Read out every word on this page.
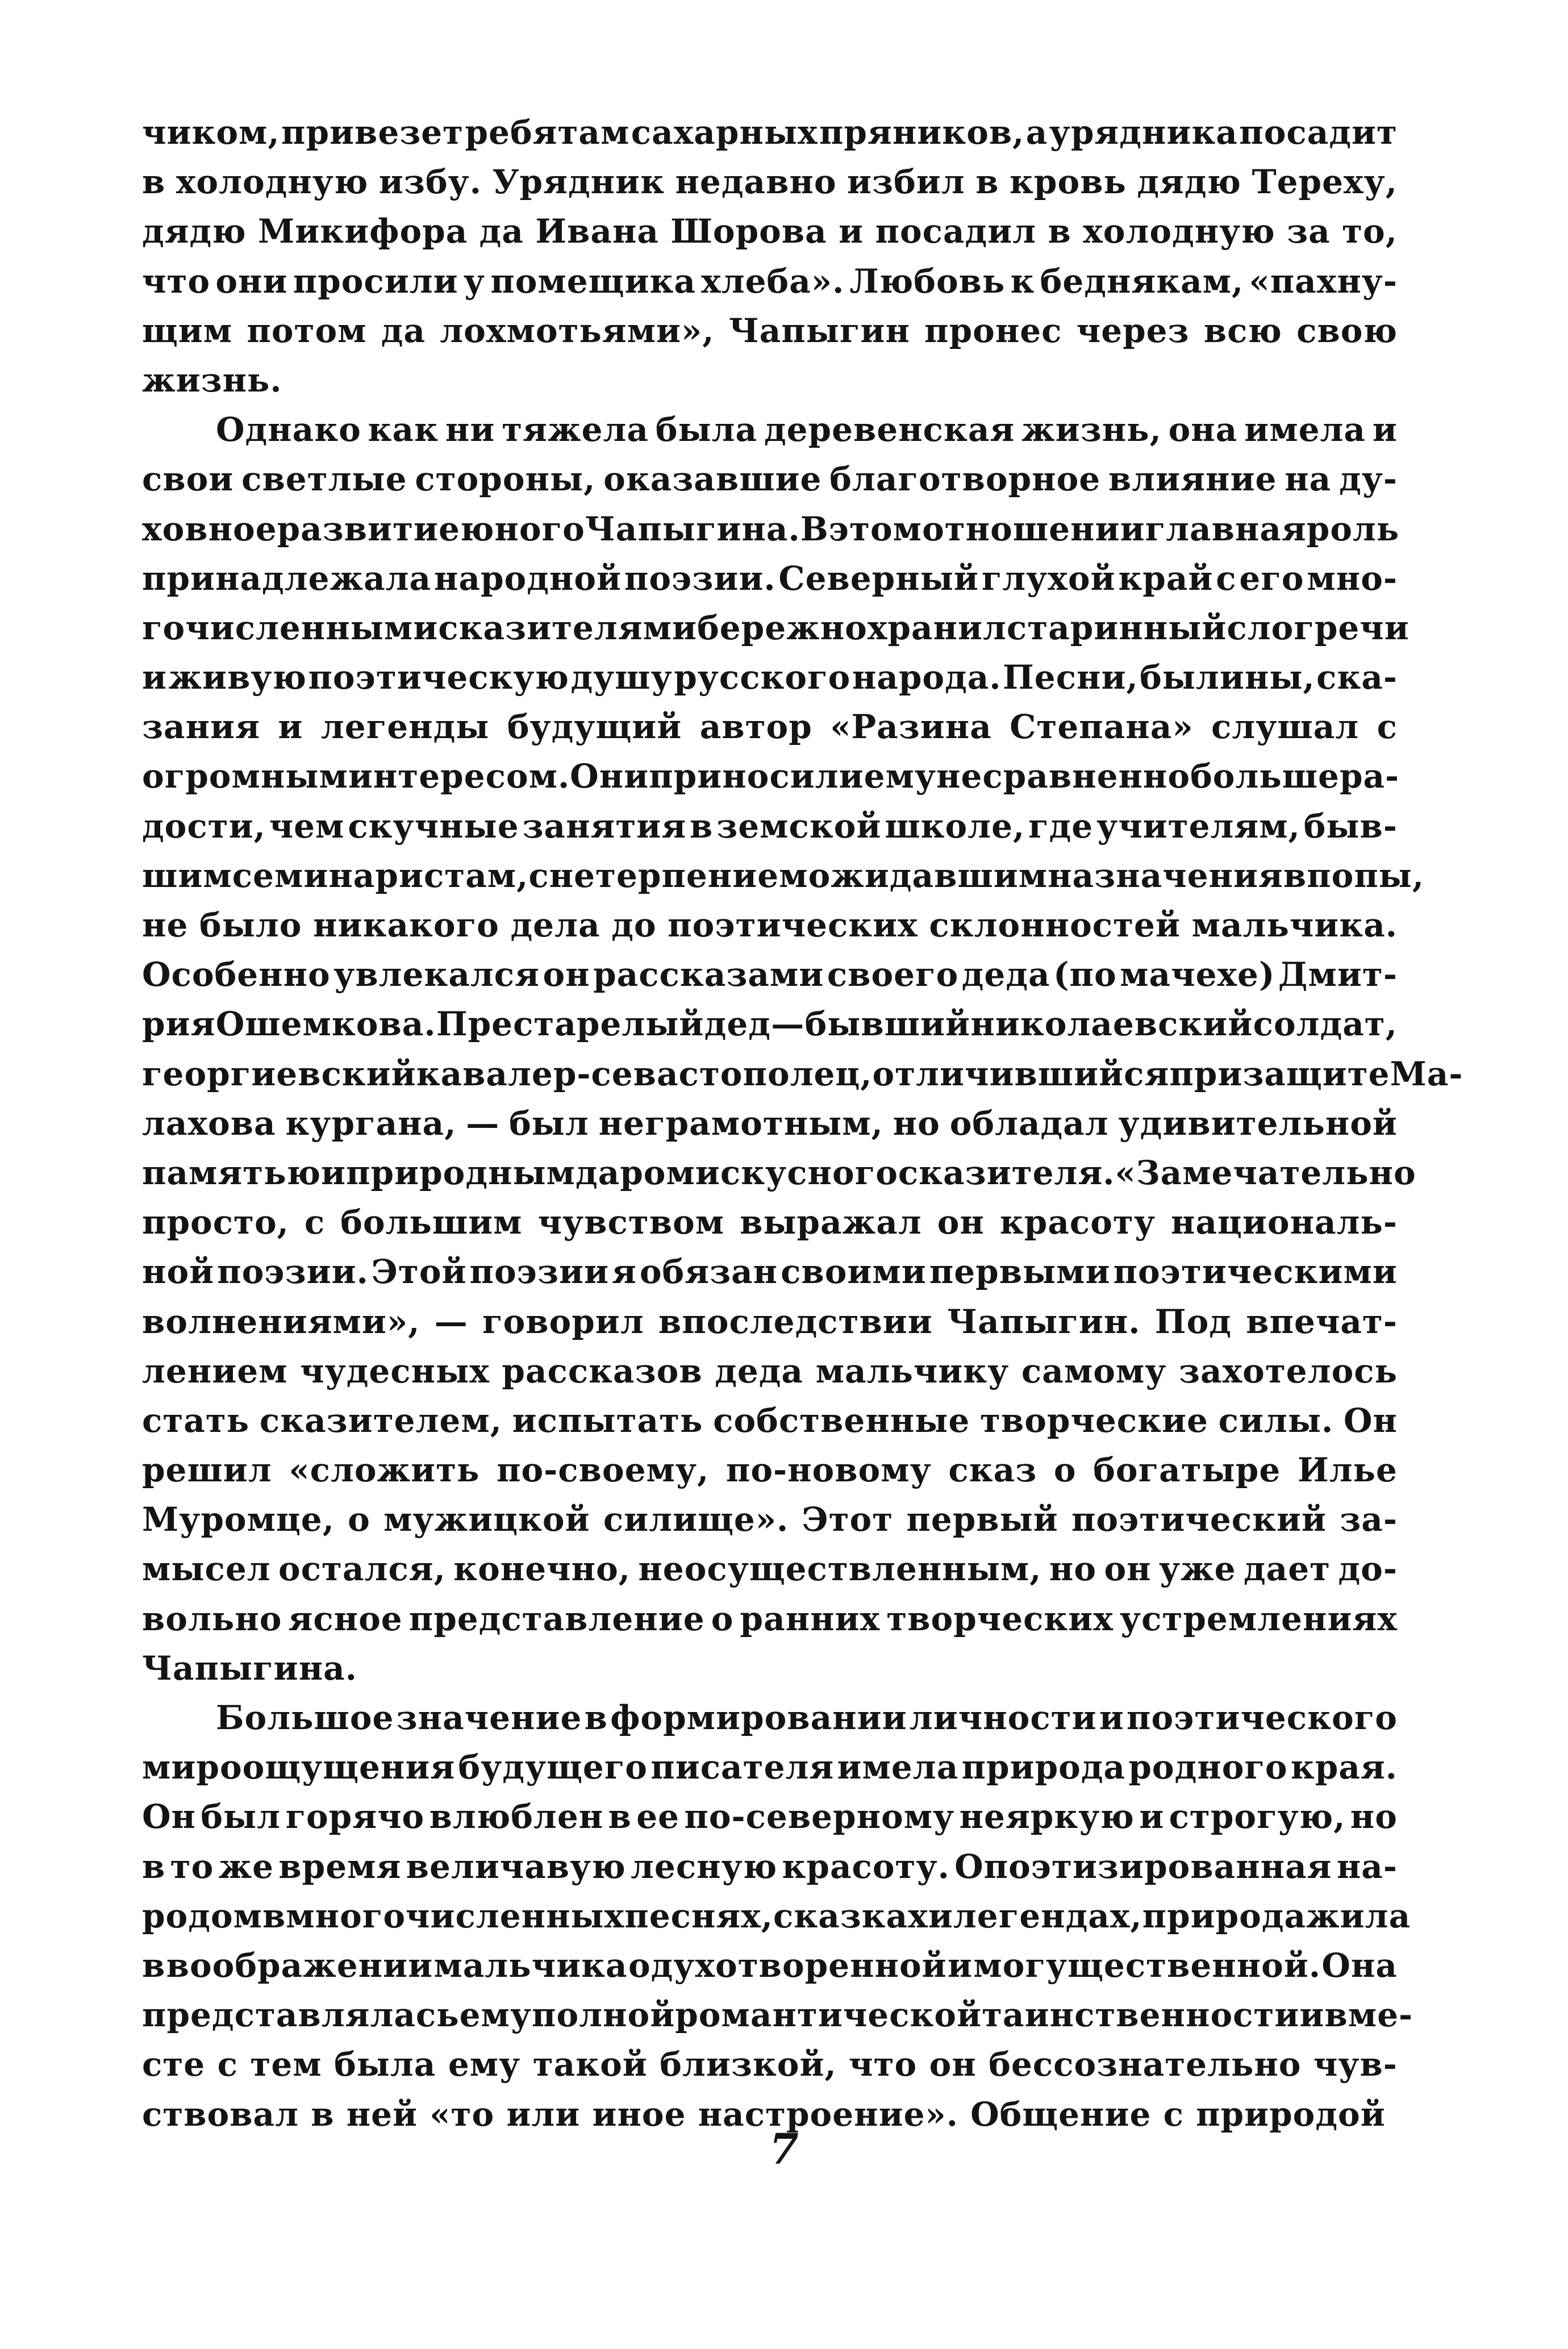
чиком, привезет ребятам сахарных пряников, а урядника посадит
в холодную избу. Урядник недавно избил в кровь дядю Тереху,
дядю Микифора да Ивана Шорова и посадил в холодную за то,
что они просили у помещика хлеба». Любовь к беднякам, «пахну-
щим потом да лохмотьями», Чапыгин пронес через всю свою
жизнь.
Однако как ни тяжела была деревенская жизнь, она имела и
свои светлые стороны, оказавшие благотворное влияние на ду-
ховное развитие юного Чапыгина. В этом отношении главная роль
принадлежала народной поэзии. Северный глухой край с его мно-
гочисленными сказителями бережно хранил старинный слог речи
и живую поэтическую душу русского народа. Песни, былины, ска-
зания и легенды будущий автор «Разина Степана» слушал с
огромным интересом. Они приносили ему несравненно больше ра-
дости, чем скучные занятия в земской школе, где учителям, быв-
шим семинаристам, с нетерпением ожидавшим назначения в попы,
не было никакого дела до поэтических склонностей мальчика.
Особенно увлекался он рассказами своего деда (по мачехе) Дмит-
рия Ошемкова. Престарелый дед — бывший николаевский солдат,
георгиевский кавалер-севастополец, отличившийся при защите Ма-
лахова кургана, — был неграмотным, но обладал удивительной
памятью и природным даром искусного сказителя. «Замечательно
просто, с большим чувством выражал он красоту националь-
ной поэзии. Этой поэзии я обязан своими первыми поэтическими
волнениями», — говорил впоследствии Чапыгин. Под впечат-
лением чудесных рассказов деда мальчику самому захотелось
стать сказителем, испытать собственные творческие силы. Он
решил «сложить по-своему, по-новому сказ о богатыре Илье
Муромце, о мужицкой силище». Этот первый поэтический за-
мысел остался, конечно, неосуществленным, но он уже дает до-
вольно ясное представление о ранних творческих устремлениях
Чапыгина.
Большое значение в формировании личности и поэтического
мироощущения будущего писателя имела природа родного края.
Он был горячо влюблен в ее по-северному неяркую и строгую, но
в то же время величавую лесную красоту. Опоэтизированная на-
родом в многочисленных песнях, сказках и легендах, природа жила
в воображении мальчика одухотворенной и могущественной. Она
представлялась ему полной романтической таинственности и вме-
сте с тем была ему такой близкой, что он бессознательно чув-
ствовал в ней «то или иное настроение». Общение с природой
7
